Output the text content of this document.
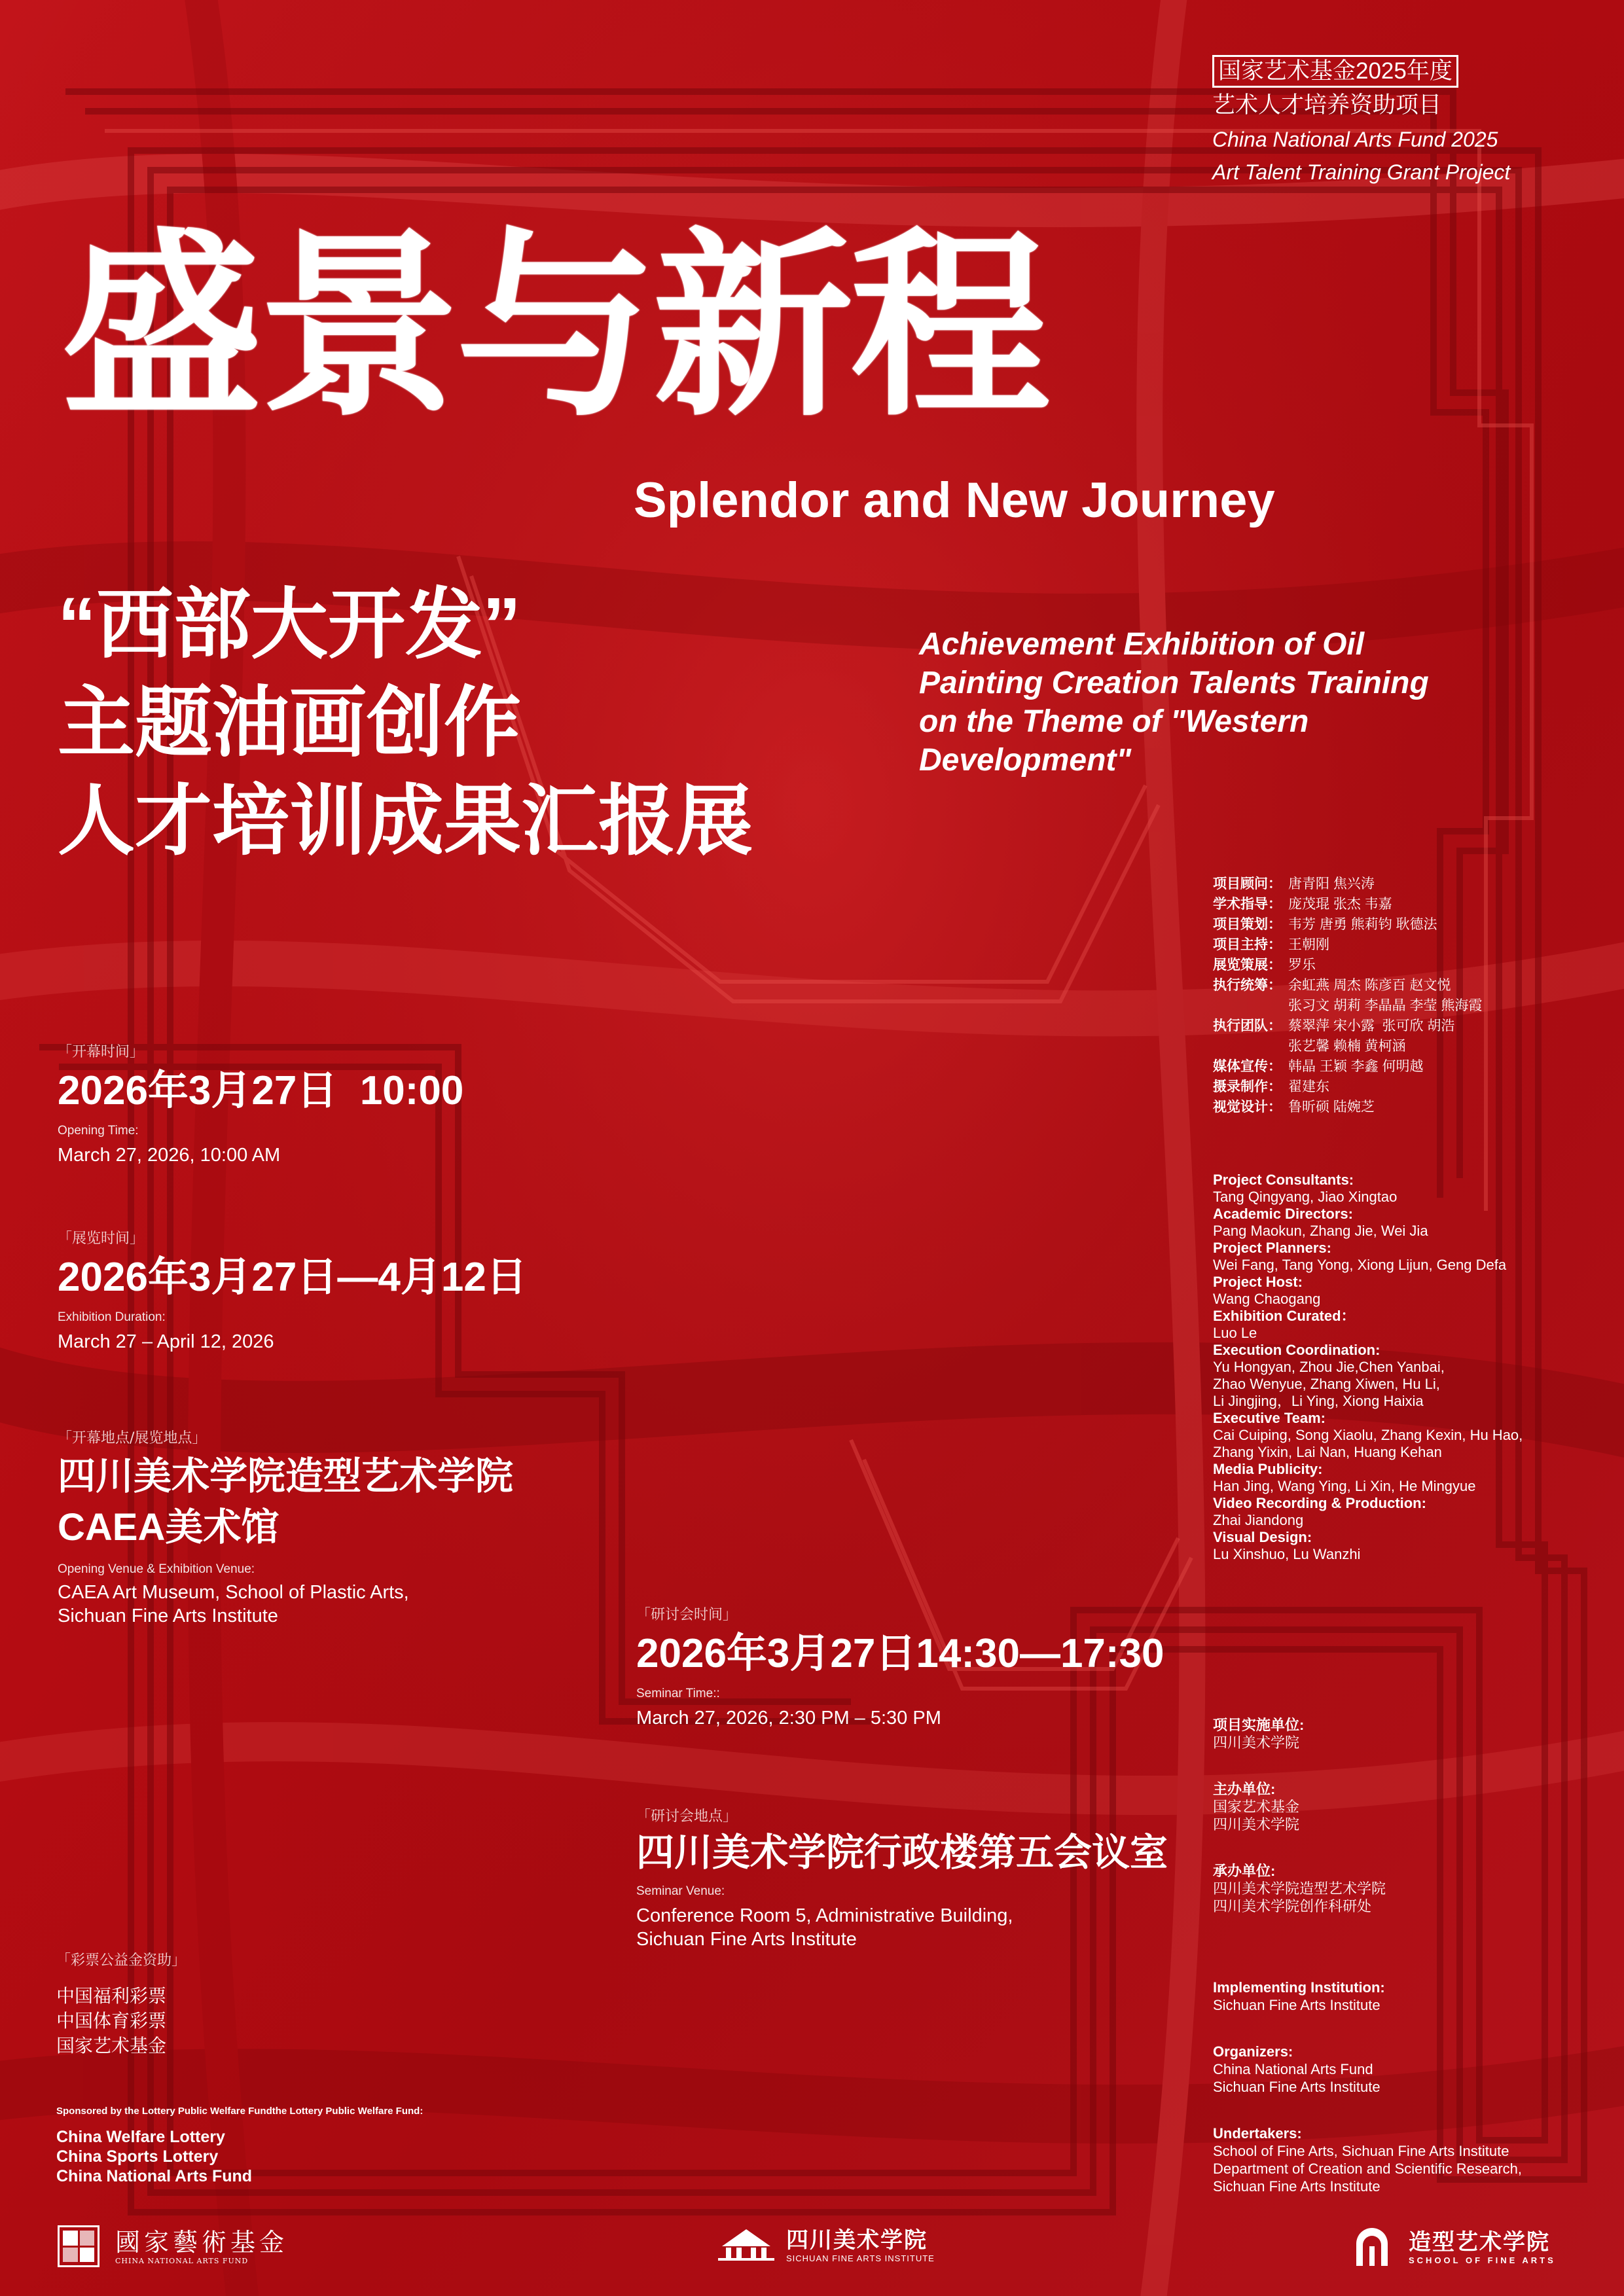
国家艺术基金2025年度
艺术人才培养资助项目
China National Arts Fund 2025
Art Talent Training Grant Project
盛景与新程
Splendor and New Journey
“西部大开发”
主题油画创作
人才培训成果汇报展
Achievement Exhibition of Oil
Painting Creation Talents Training
on the Theme of "Western
Development"
「开幕时间」
2026年3月27日  10:00
Opening Time:
March 27, 2026, 10:00 AM
「展览时间」
2026年3月27日—4月12日
Exhibition Duration:
March 27 – April 12, 2026
「开幕地点/展览地点」
四川美术学院造型艺术学院
CAEA美术馆
Opening Venue & Exhibition Venue:
CAEA Art Museum, School of Plastic Arts,
Sichuan Fine Arts Institute	「研讨会时间」
2026年3月27日14:30—17:30
Seminar Time::
March 27, 2026, 2:30 PM – 5:30 PM
「研讨会地点」
四川美术学院行政楼第五会议室
Seminar Venue:
Conference Room 5, Administrative Building,
Sichuan Fine Arts Institute
「彩票公益金资助」
中国福利彩票
中国体育彩票
国家艺术基金
Sponsored by the Lottery Public Welfare Fundthe Lottery Public Welfare Fund:
China Welfare Lottery
China Sports Lottery
China National Arts Fund
项目顾问： 唐青阳 焦兴涛
学术指导： 庞茂琨 张杰 韦嘉
项目策划： 韦芳 唐勇 熊莉钧 耿德法
项目主持： 王朝刚
展览策展： 罗乐
执行统筹： 余虹燕 周杰 陈彦百 赵文悦
张习文 胡莉 李晶晶 李莹 熊海霞
执行团队： 蔡翠萍 宋小露  张可欣 胡浩
张艺馨 赖楠 黄柯涵
媒体宣传： 韩晶 王颖 李鑫 何明越
摄录制作： 翟建东
视觉设计： 鲁昕硕 陆婉芝
Project Consultants:
Tang Qingyang, Jiao Xingtao
Academic Directors:
Pang Maokun, Zhang Jie, Wei Jia
Project Planners:
Wei Fang, Tang Yong, Xiong Lijun, Geng Defa
Project Host:
Wang Chaogang
Exhibition Curated：
Luo Le
Execution Coordination:
Yu Hongyan, Zhou Jie,Chen Yanbai,
Zhao Wenyue, Zhang Xiwen, Hu Li,
Li Jingjing，Li Ying, Xiong Haixia
Executive Team:
Cai Cuiping, Song Xiaolu, Zhang Kexin, Hu Hao,
Zhang Yixin, Lai Nan, Huang Kehan
Media Publicity:
Han Jing, Wang Ying, Li Xin, He Mingyue
Video Recording & Production:
Zhai Jiandong
Visual Design:
Lu Xinshuo, Lu Wanzhi
项目实施单位:
四川美术学院
主办单位:
国家艺术基金
四川美术学院
承办单位:
四川美术学院造型艺术学院
四川美术学院创作科研处
Implementing Institution:
Sichuan Fine Arts Institute
Organizers:
China National Arts Fund
Sichuan Fine Arts Institute
Undertakers:
School of Fine Arts, Sichuan Fine Arts Institute
Department of Creation and Scientific Research,
Sichuan Fine Arts Institute
國家藝術基金
CHINA NATIONAL ARTS FUND
四川美术学院
SICHUAN FINE ARTS INSTITUTE
造型艺术学院
SCHOOL OF FINE ARTS
